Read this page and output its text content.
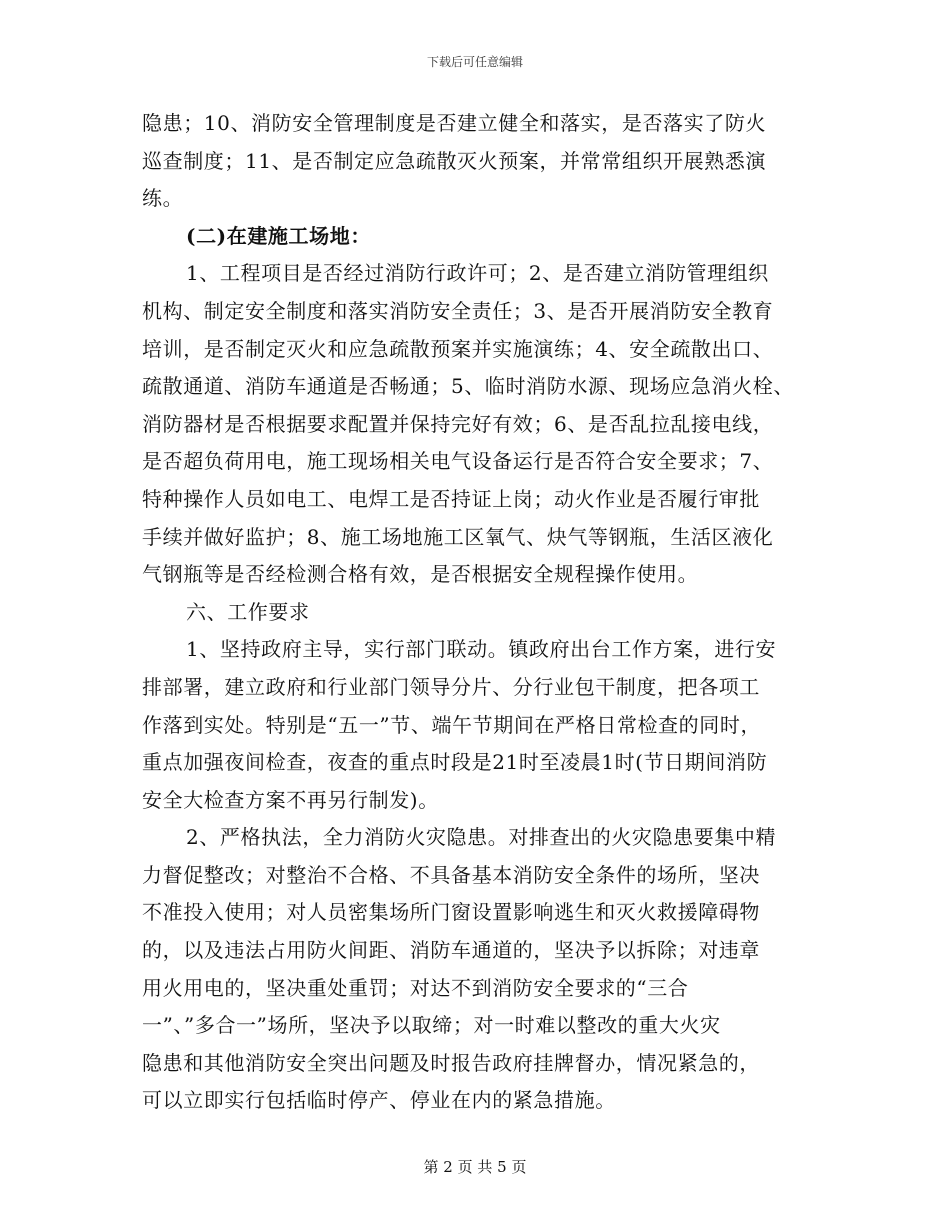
下载后可任意编辑
隐患；10、消防安全管理制度是否建立健全和落实，是否落实了防火
巡查制度；11、是否制定应急疏散灭火预案，并常常组织开展熟悉演
练。
(二)在建施工场地：
1、工程项目是否经过消防行政许可；2、是否建立消防管理组织
机构、制定安全制度和落实消防安全责任；3、是否开展消防安全教育
培训，是否制定灭火和应急疏散预案并实施演练；4、安全疏散出口、
疏散通道、消防车通道是否畅通；5、临时消防水源、现场应急消火栓、
消防器材是否根据要求配置并保持完好有效；6、是否乱拉乱接电线，
是否超负荷用电，施工现场相关电气设备运行是否符合安全要求；7、
特种操作人员如电工、电焊工是否持证上岗；动火作业是否履行审批
手续并做好监护；8、施工场地施工区氧气、炔气等钢瓶，生活区液化
气钢瓶等是否经检测合格有效，是否根据安全规程操作使用。
六、工作要求
1、坚持政府主导，实行部门联动。镇政府出台工作方案，进行安
排部署，建立政府和行业部门领导分片、分行业包干制度，把各项工
作落到实处。特别是“五一”节、端午节期间在严格日常检查的同时，
重点加强夜间检查，夜查的重点时段是21时至凌晨1时(节日期间消防
安全大检查方案不再另行制发)。
2、严格执法，全力消防火灾隐患。对排查出的火灾隐患要集中精
力督促整改；对整治不合格、不具备基本消防安全条件的场所，坚决
不准投入使用；对人员密集场所门窗设置影响逃生和灭火救援障碍物
的，以及违法占用防火间距、消防车通道的，坚决予以拆除；对违章
用火用电的，坚决重处重罚；对达不到消防安全要求的“三合
一”、”多合一”场所，坚决予以取缔；对一时难以整改的重大火灾
隐患和其他消防安全突出问题及时报告政府挂牌督办，情况紧急的，
可以立即实行包括临时停产、停业在内的紧急措施。
第 2 页 共 5 页
